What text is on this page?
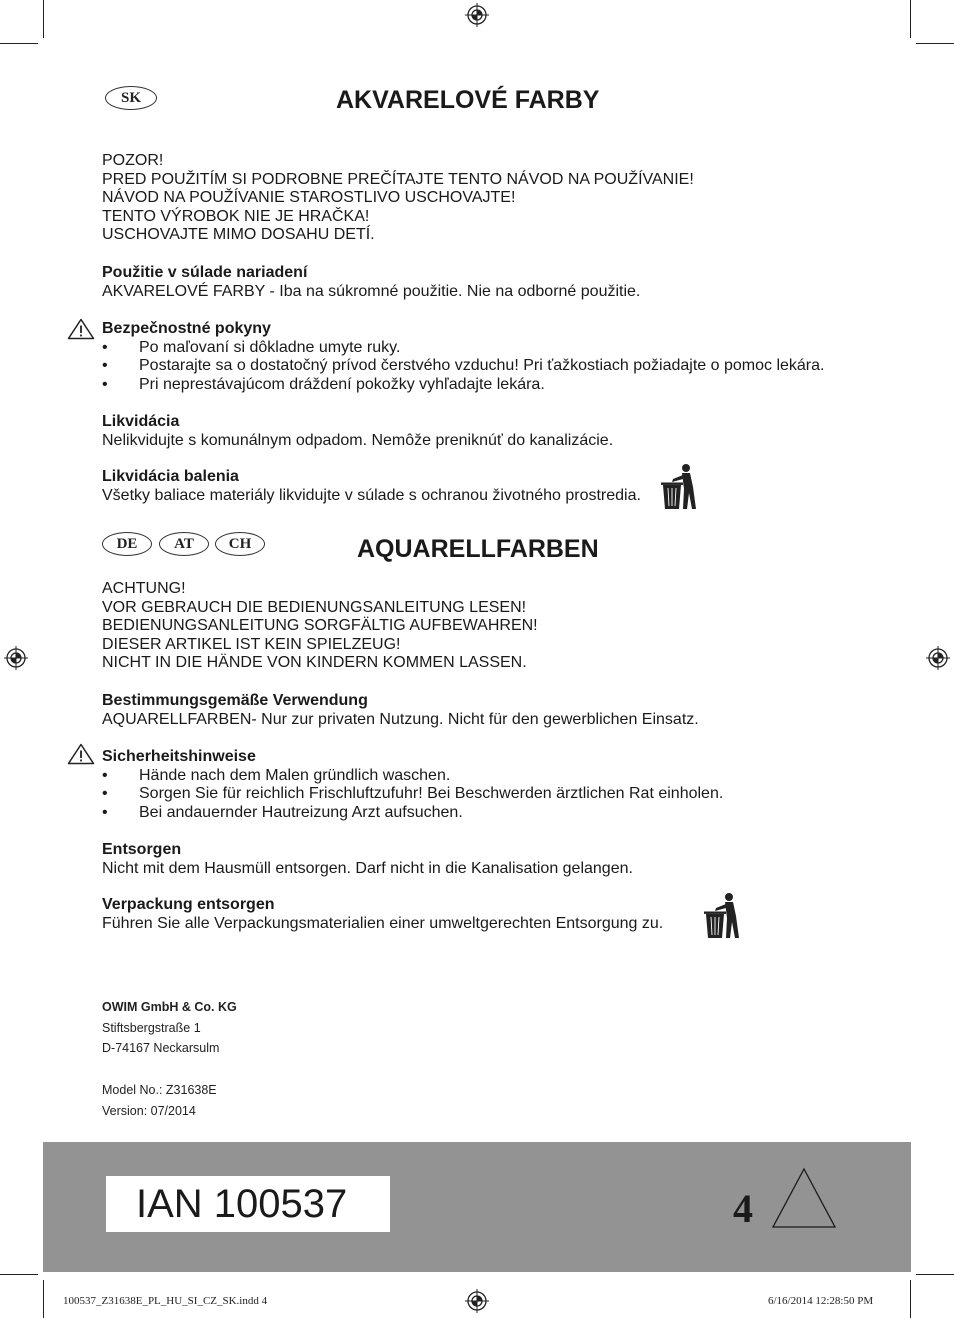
SK	AKVARELOVÉ FARBY
POZOR!
PRED POUŽITÍM SI PODROBNE PREČÍTAJTE TENTO NÁVOD NA POUŽÍVANIE!
NÁVOD NA POUŽÍVANIE STAROSTLIVO USCHOVAJTE!
TENTO VÝROBOK NIE JE HRAČKA!
USCHOVAJTE MIMO DOSAHU DETÍ.
Použitie v súlade nariadení
AKVARELOVÉ FARBY - Iba na súkromné použitie. Nie na odborné použitie.
Bezpečnostné pokyny
• Po maľovaní si dôkladne umyte ruky.
• Postarajte sa o dostatočný prívod čerstvého vzduchu! Pri ťažkostiach požiadajte o pomoc lekára.
• Pri neprestávajúcom dráždení pokožky vyhľadajte lekára.
Likvidácia
Nelikvidujte s komunálnym odpadom. Nemôže preniknúť do kanalizácie.
Likvidácia balenia
Všetky baliace materiály likvidujte v súlade s ochranou životného prostredia.
DE	AT	CH	AQUARELLFARBEN
ACHTUNG!
VOR GEBRAUCH DIE BEDIENUNGSANLEITUNG LESEN!
BEDIENUNGSANLEITUNG SORGFÄLTIG AUFBEWAHREN!
DIESER ARTIKEL IST KEIN SPIELZEUG!
NICHT IN DIE HÄNDE VON KINDERN KOMMEN LASSEN.
Bestimmungsgemäße Verwendung
AQUARELLFARBEN- Nur zur privaten Nutzung. Nicht für den gewerblichen Einsatz.
Sicherheitshinweise
• Hände nach dem Malen gründlich waschen.
• Sorgen Sie für reichlich Frischluftzufuhr! Bei Beschwerden ärztlichen Rat einholen.
• Bei andauernder Hautreizung Arzt aufsuchen.
Entsorgen
Nicht mit dem Hausmüll entsorgen. Darf nicht in die Kanalisation gelangen.
Verpackung entsorgen
Führen Sie alle Verpackungsmaterialien einer umweltgerechten Entsorgung zu.
OWIM GmbH & Co. KG
Stiftsbergstraße 1
D-74167 Neckarsulm
Model No.: Z31638E
Version: 07/2014
IAN 100537	4
100537_Z31638E_PL_HU_SI_CZ_SK.indd 4	6/16/2014 12:28:50 PM
